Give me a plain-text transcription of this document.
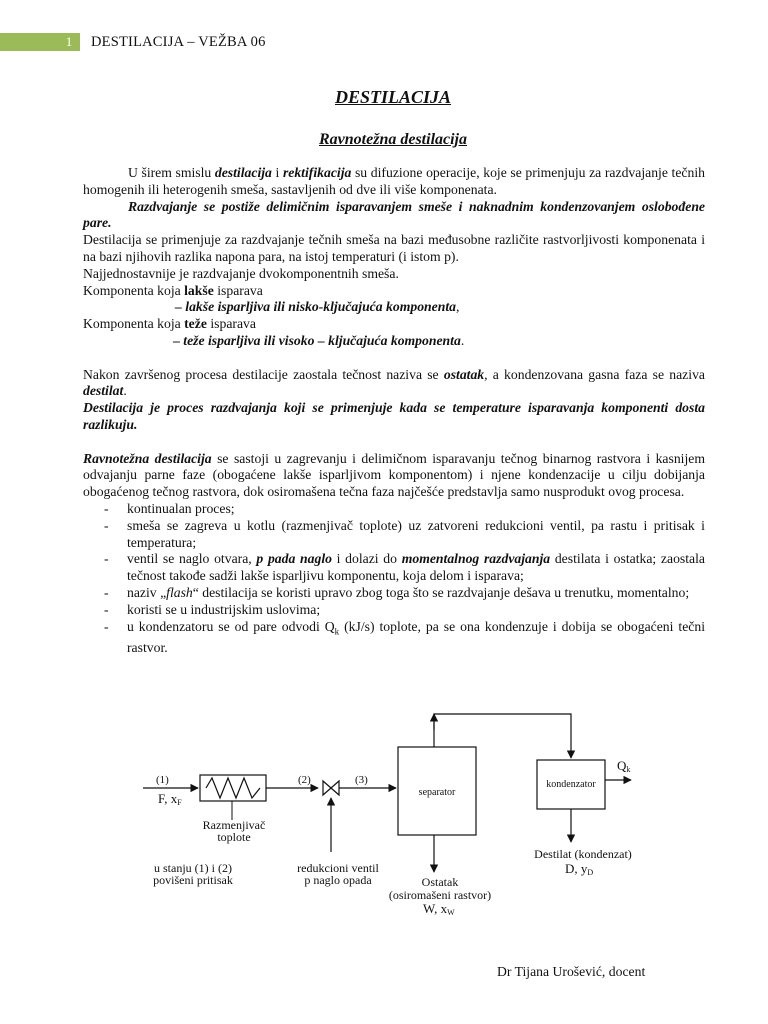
1 DESTILACIJA – VEŽBA 06
DESTILACIJA
Ravnotežna destilacija

U širem smislu destilacija i rektifikacija su difuzione operacije, koje se primenjuju za razdvajanje tečnih homogenih ili heterogenih smeša, sastavljenih od dve ili više komponenata.

Razdvajanje se postiže delimičnim isparavanjem smeše i naknadnim kondenzovanjem oslobođene pare.

Destilacija se primenjuje za razdvajanje tečnih smeša na bazi međusobne različite rastvorljivosti komponenata i na bazi njihovih razlika napona para, na istoj temperaturi (i istom p).

Najjednostavnije je razdvajanje dvokomponentnih smeša.

Komponenta koja lakše isparava

– lakše isparljiva ili nisko-ključajuća komponenta,

Komponenta koja teže isparava

– teže isparljiva ili visoko – ključajuća komponenta.

Nakon završenog procesa destilacije zaostala tečnost naziva se ostatak, a kondenzovana gasna faza se naziva destilat.

Destilacija je proces razdvajanja koji se primenjuje kada se temperature isparavanja komponenti dosta razlikuju.

Ravnotežna destilacija se sastoji u zagrevanju i delimičnom isparavanju tečnog binarnog rastvora i kasnijem odvajanju parne faze (obogaćene lakše isparljivom komponentom) i njene kondenzacije u cilju dobijanja obogaćenog tečnog rastvora, dok osiromašena tečna faza najčešće predstavlja samo nusprodukt ovog procesa.

- kontinualan proces;
- smeša se zagreva u kotlu (razmenjivač toplote) uz zatvoreni redukcioni ventil, pa rastu i pritisak i temperatura;
- ventil se naglo otvara, p pada naglo i dolazi do momentalnog razdvajanja destilata i ostatka; zaostala tečnost takođe sadži lakše isparljivu komponentu, koja delom i isparava;
- naziv „flash“ destilacija se koristi upravo zbog toga što se razdvajanje dešava u trenutku, momentalno;
- koristi se u industrijskim uslovima;
- u kondenzatoru se od pare odvodi $Q_k$ (kJ/s) toplote, pa se ona kondenzuje i dobija se obogaćeni tečni rastvor.
(1)	(2)	(3)
F, xF
Razmenjivač toplote
separator
kondenzator
Qk
u stanju (1) i (2) povišeni pritisak
redukcioni ventil p naglo opada	Ostatak (osiromašeni rastvor)
W, xW
Destilat (kondenzat)
D, yD
Dr Tijana Urošević, docent
